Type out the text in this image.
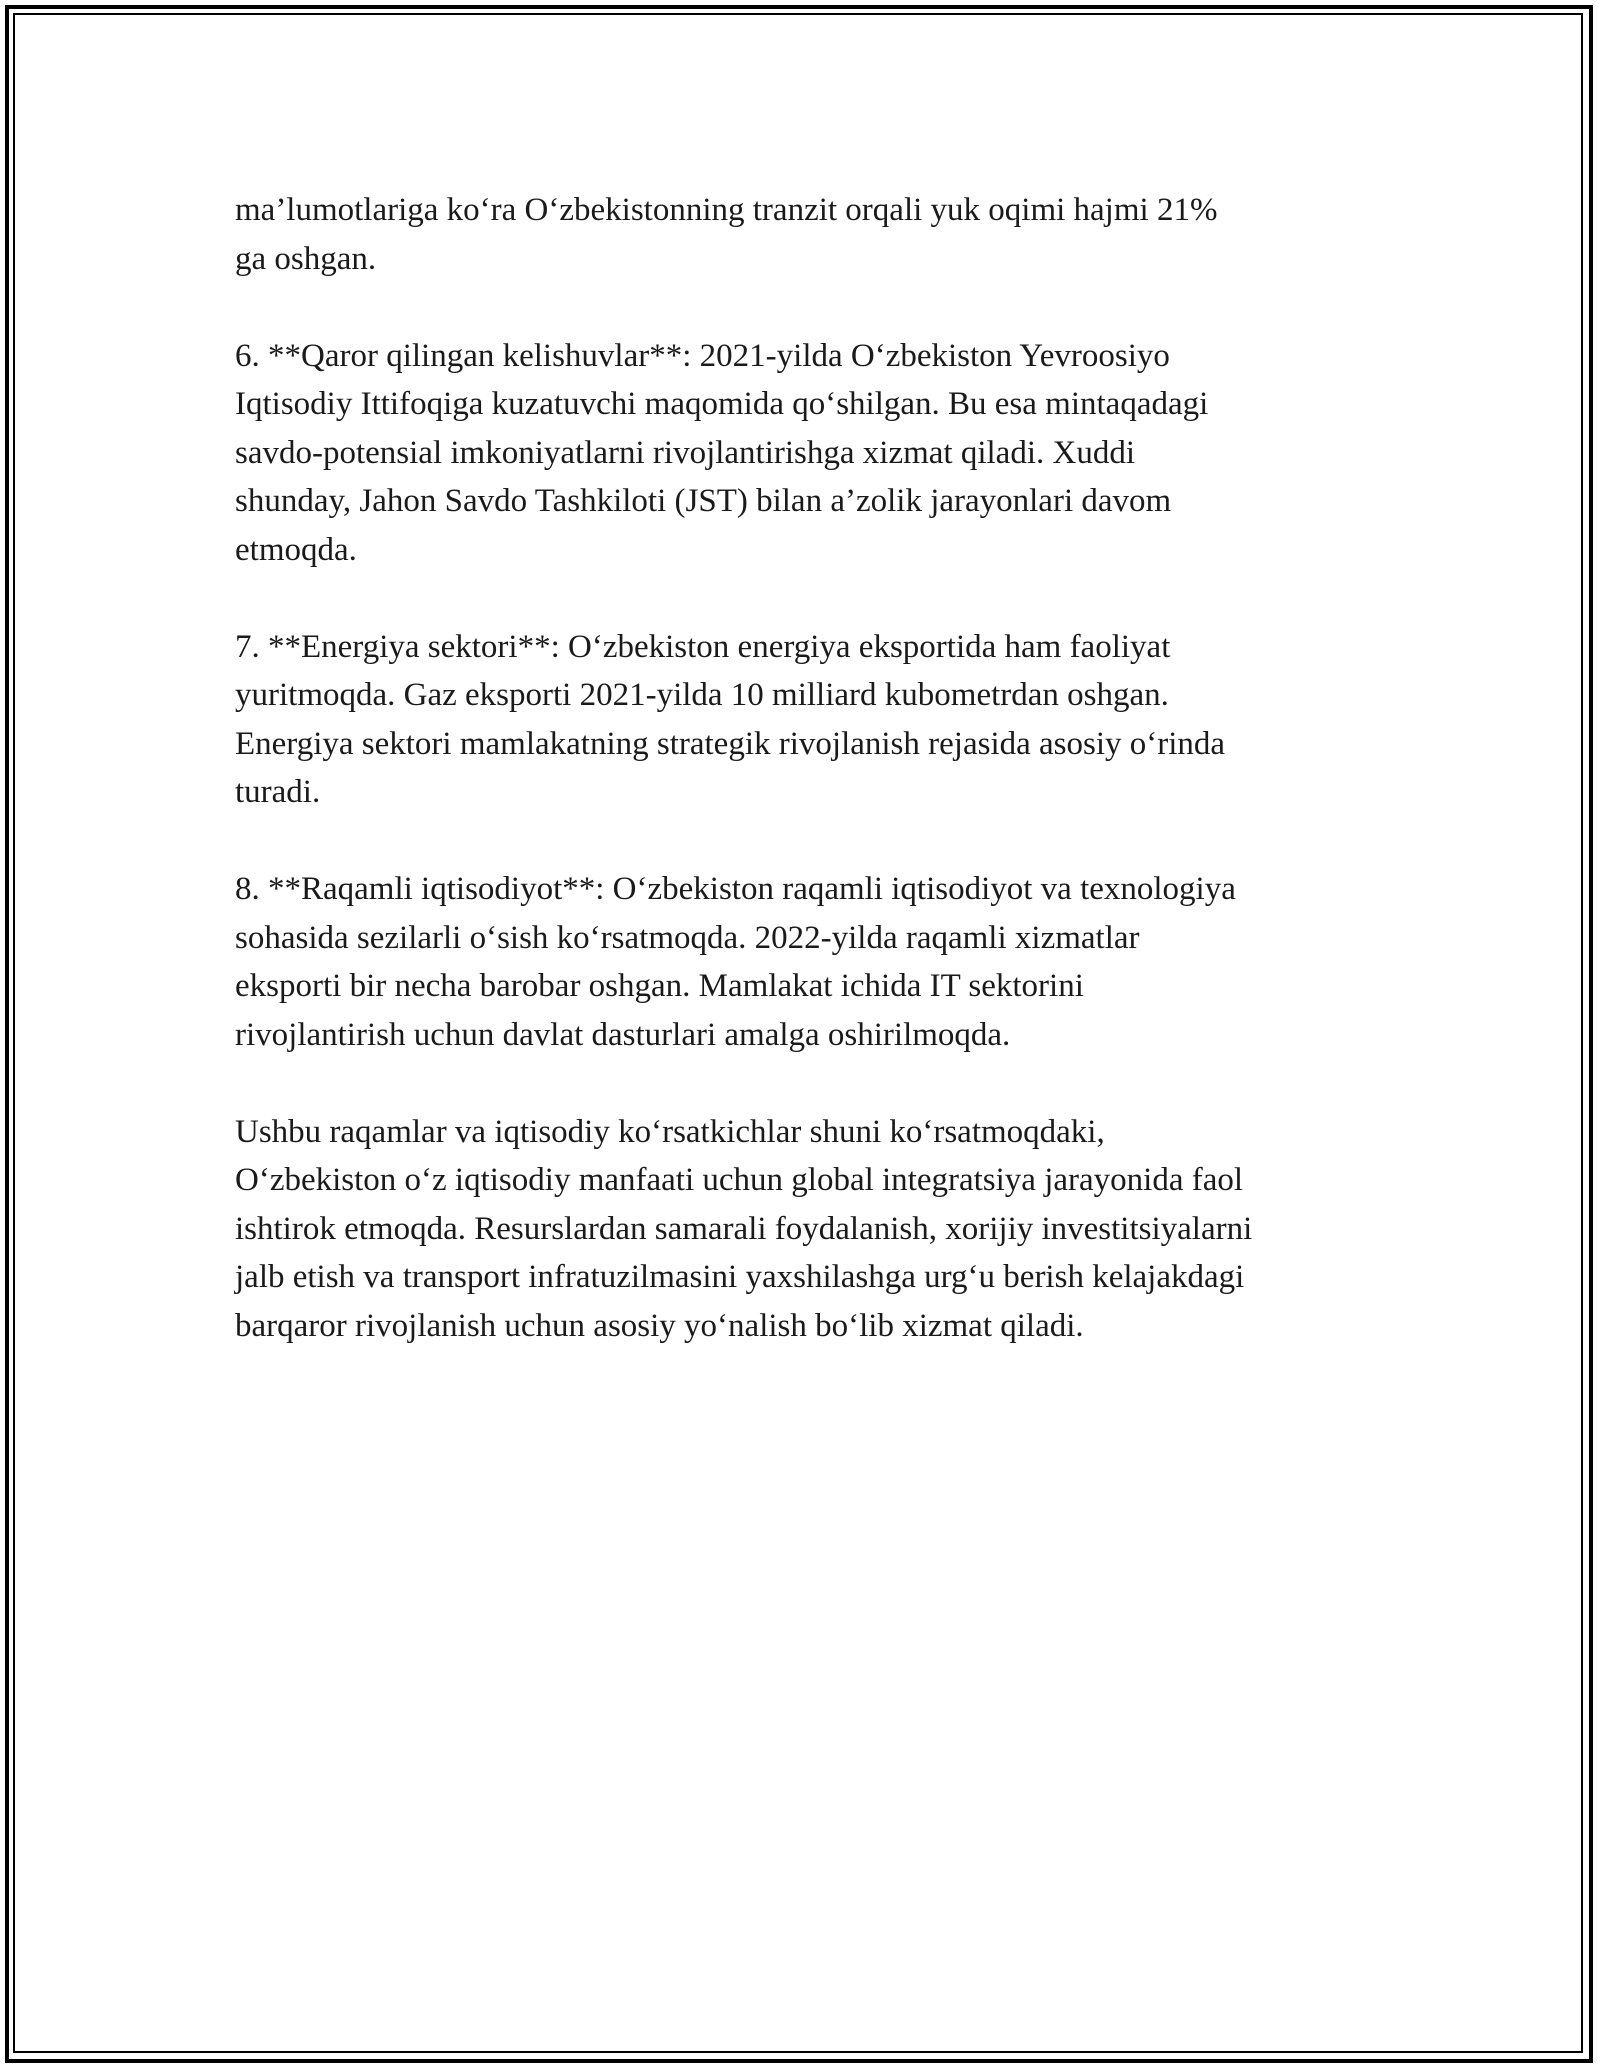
ma’lumotlariga koʻra Oʻzbekistonning tranzit orqali yuk oqimi hajmi 21%
ga oshgan.

6. **Qaror qilingan kelishuvlar**: 2021-yilda Oʻzbekiston Yevroosiyo
Iqtisodiy Ittifoqiga kuzatuvchi maqomida qoʻshilgan. Bu esa mintaqadagi
savdo-potensial imkoniyatlarni rivojlantirishga xizmat qiladi. Xuddi
shunday, Jahon Savdo Tashkiloti (JST) bilan a’zolik jarayonlari davom
etmoqda.

7. **Energiya sektori**: Oʻzbekiston energiya eksportida ham faoliyat
yuritmoqda. Gaz eksporti 2021-yilda 10 milliard kubometrdan oshgan.
Energiya sektori mamlakatning strategik rivojlanish rejasida asosiy oʻrinda
turadi.

8. **Raqamli iqtisodiyot**: Oʻzbekiston raqamli iqtisodiyot va texnologiya
sohasida sezilarli oʻsish koʻrsatmoqda. 2022-yilda raqamli xizmatlar
eksporti bir necha barobar oshgan. Mamlakat ichida IT sektorini
rivojlantirish uchun davlat dasturlari amalga oshirilmoqda.

Ushbu raqamlar va iqtisodiy koʻrsatkichlar shuni koʻrsatmoqdaki,
Oʻzbekiston oʻz iqtisodiy manfaati uchun global integratsiya jarayonida faol
ishtirok etmoqda. Resurslardan samarali foydalanish, xorijiy investitsiyalarni
jalb etish va transport infratuzilmasini yaxshilashga urgʻu berish kelajakdagi
barqaror rivojlanish uchun asosiy yoʻnalish boʻlib xizmat qiladi.
